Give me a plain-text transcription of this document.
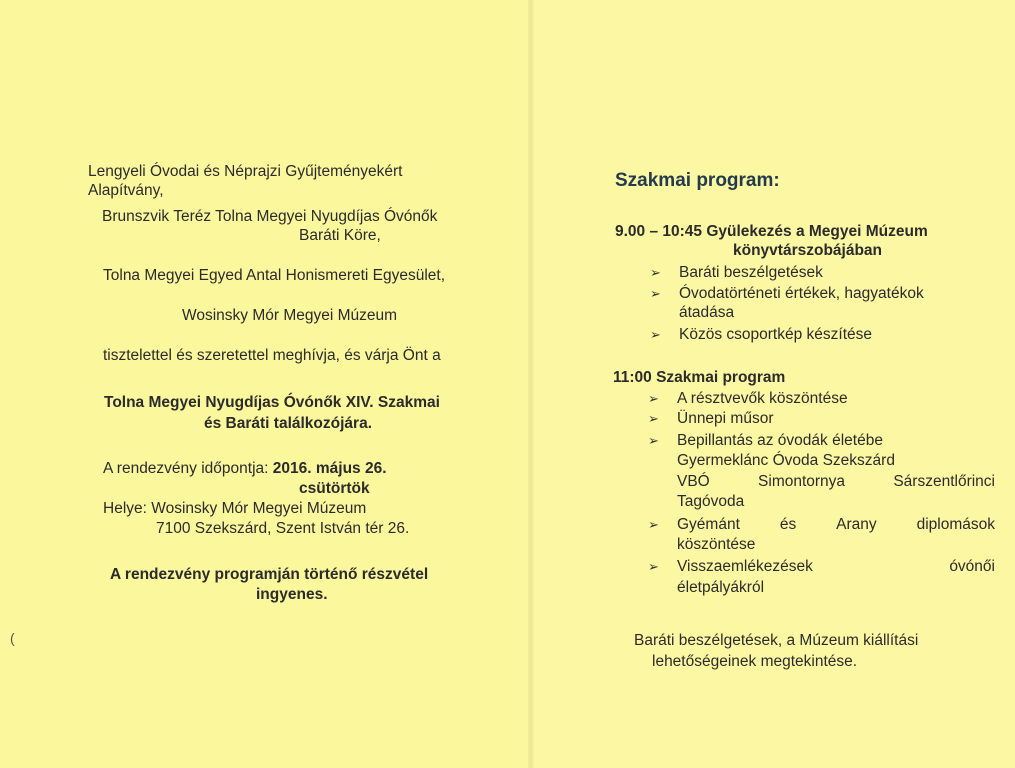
Lengyeli Óvodai és Néprajzi Gyűjteményekért
Alapítvány,
Brunszvik Teréz Tolna Megyei Nyugdíjas Óvónők
Baráti Köre,
Tolna Megyei Egyed Antal Honismereti Egyesület,
Wosinsky Mór Megyei Múzeum
tisztelettel és szeretettel meghívja, és várja Önt a
Tolna Megyei Nyugdíjas Óvónők XIV. Szakmai
és Baráti találkozójára.
A rendezvény időpontja: 2016. május 26.
csütörtök
Helye: Wosinsky Mór Megyei Múzeum
7100 Szekszárd, Szent István tér 26.
A rendezvény programján történő részvétel
ingyenes.
(
Szakmai program:
9.00 – 10:45 Gyülekezés a Megyei Múzeum
könyvtárszobájában
➢ Baráti beszélgetések
➢ Óvodatörténeti értékek, hagyatékok
átadása
➢ Közös csoportkép készítése
11:00 Szakmai program
➢ A résztvevők köszöntése
➢ Ünnepi műsor
➢ Bepillantás az óvodák életébe
Gyermeklánc Óvoda Szekszárd
VBÓ	Simontornya	Sárszentlőrinci
Tagóvoda
➢ Gyémánt	és	Arany	diplomások
köszöntése
➢ Visszaemlékezések	óvónői
életpályákról
Baráti beszélgetések, a Múzeum kiállítási
lehetőségeinek megtekintése.
